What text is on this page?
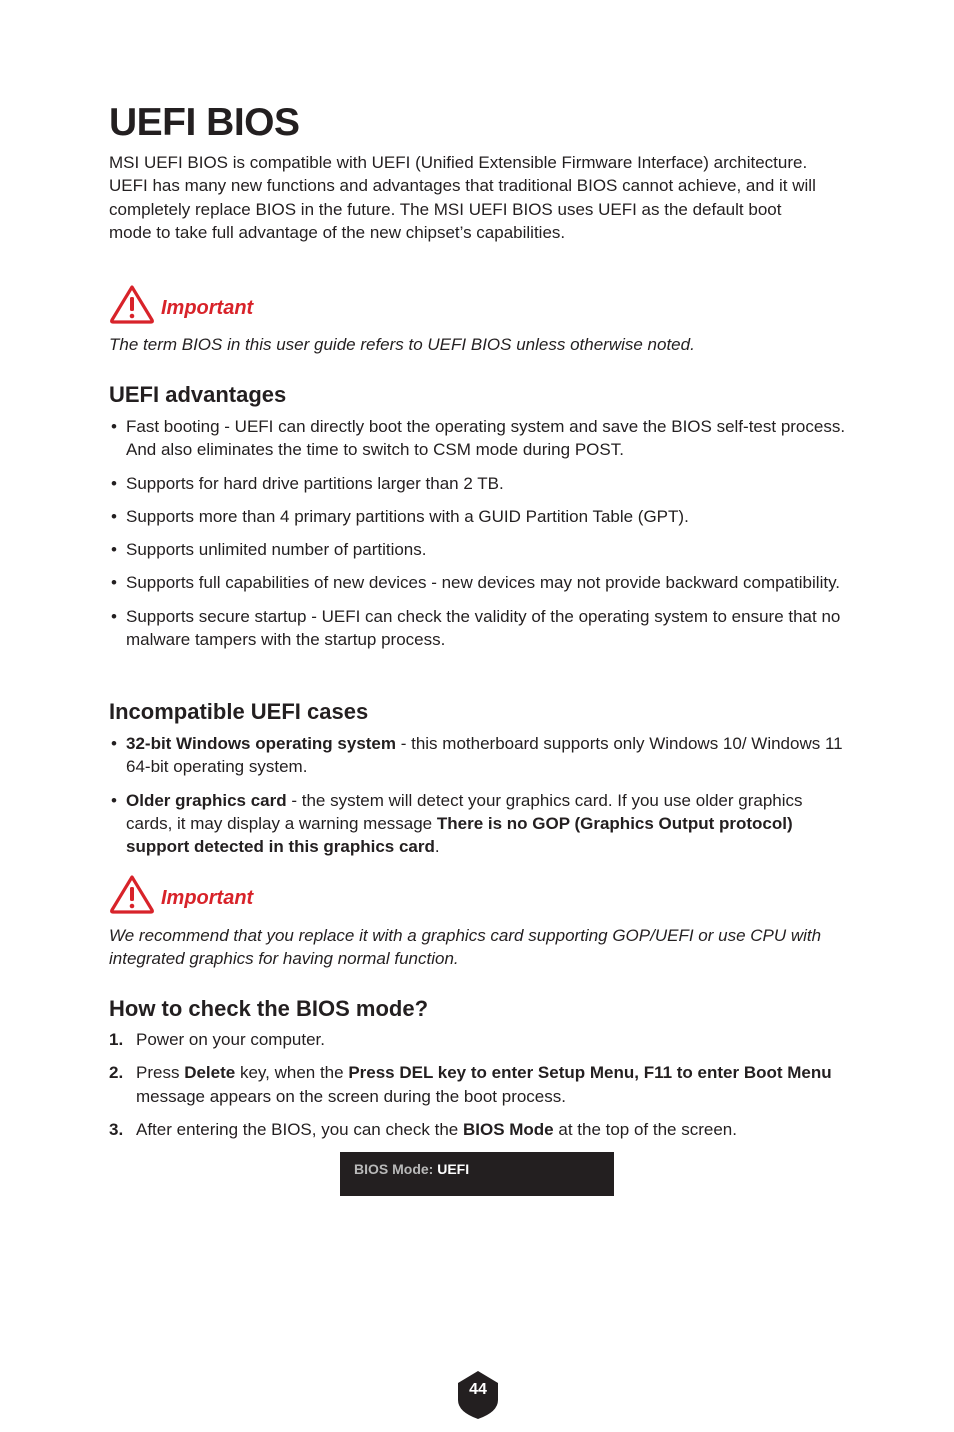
UEFI BIOS

MSI UEFI BIOS is compatible with UEFI (Unified Extensible Firmware Interface) architecture. UEFI has many new functions and advantages that traditional BIOS cannot achieve, and it will completely replace BIOS in the future. The MSI UEFI BIOS uses UEFI as the default boot mode to take full advantage of the new chipset’s capabilities.

Important

The term BIOS in this user guide refers to UEFI BIOS unless otherwise noted.

UEFI advantages
• Fast booting - UEFI can directly boot the operating system and save the BIOS self-test process. And also eliminates the time to switch to CSM mode during POST.
• Supports for hard drive partitions larger than 2 TB.
• Supports more than 4 primary partitions with a GUID Partition Table (GPT).
• Supports unlimited number of partitions.
• Supports full capabilities of new devices - new devices may not provide backward compatibility.
• Supports secure startup - UEFI can check the validity of the operating system to ensure that no malware tampers with the startup process.
Incompatible UEFI cases
• 32-bit Windows operating system - this motherboard supports only Windows 10/ Windows 11 64-bit operating system.
• Older graphics card - the system will detect your graphics card. If you use older graphics cards, it may display a warning message There is no GOP (Graphics Output protocol) support detected in this graphics card.
Important

We recommend that you replace it with a graphics card supporting GOP/UEFI or use CPU with integrated graphics for having normal function.

How to check the BIOS mode?
1. Power on your computer.
2. Press Delete key, when the Press DEL key to enter Setup Menu, F11 to enter Boot Menu message appears on the screen during the boot process.
3. After entering the BIOS, you can check the BIOS Mode at the top of the screen.
BIOS Mode: UEFI
44
